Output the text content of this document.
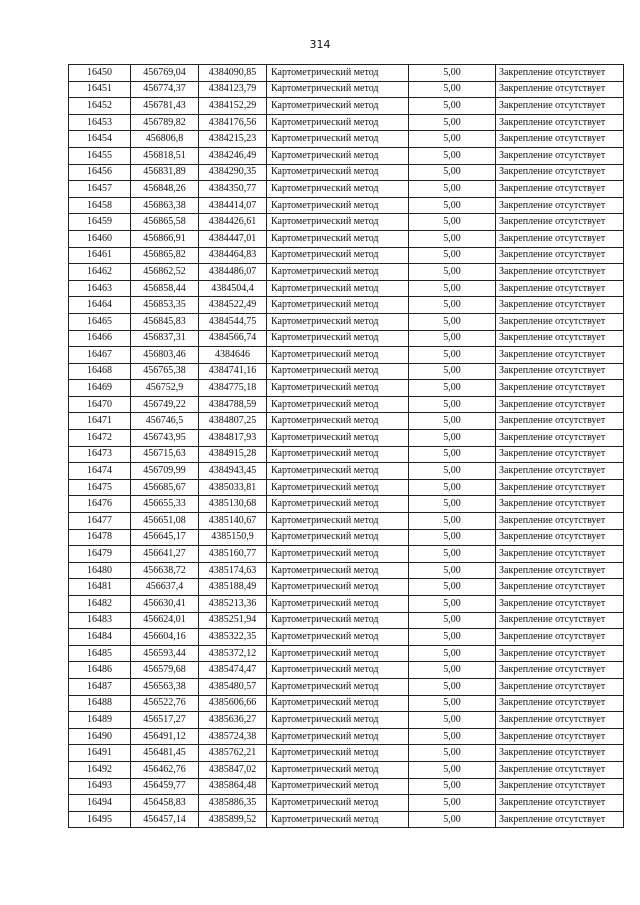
314
16450	456769,04	4384090,85	Картометрический метод	5,00	Закрепление отсутствует
16451	456774,37	4384123,79	Картометрический метод	5,00	Закрепление отсутствует
16452	456781,43	4384152,29	Картометрический метод	5,00	Закрепление отсутствует
16453	456789,82	4384176,56	Картометрический метод	5,00	Закрепление отсутствует
16454	456806,8	4384215,23	Картометрический метод	5,00	Закрепление отсутствует
16455	456818,51	4384246,49	Картометрический метод	5,00	Закрепление отсутствует
16456	456831,89	4384290,35	Картометрический метод	5,00	Закрепление отсутствует
16457	456848,26	4384350,77	Картометрический метод	5,00	Закрепление отсутствует
16458	456863,38	4384414,07	Картометрический метод	5,00	Закрепление отсутствует
16459	456865,58	4384426,61	Картометрический метод	5,00	Закрепление отсутствует
16460	456866,91	4384447,01	Картометрический метод	5,00	Закрепление отсутствует
16461	456865,82	4384464,83	Картометрический метод	5,00	Закрепление отсутствует
16462	456862,52	4384486,07	Картометрический метод	5,00	Закрепление отсутствует
16463	456858,44	4384504,4	Картометрический метод	5,00	Закрепление отсутствует
16464	456853,35	4384522,49	Картометрический метод	5,00	Закрепление отсутствует
16465	456845,83	4384544,75	Картометрический метод	5,00	Закрепление отсутствует
16466	456837,31	4384566,74	Картометрический метод	5,00	Закрепление отсутствует
16467	456803,46	4384646	Картометрический метод	5,00	Закрепление отсутствует
16468	456765,38	4384741,16	Картометрический метод	5,00	Закрепление отсутствует
16469	456752,9	4384775,18	Картометрический метод	5,00	Закрепление отсутствует
16470	456749,22	4384788,59	Картометрический метод	5,00	Закрепление отсутствует
16471	456746,5	4384807,25	Картометрический метод	5,00	Закрепление отсутствует
16472	456743,95	4384817,93	Картометрический метод	5,00	Закрепление отсутствует
16473	456715,63	4384915,28	Картометрический метод	5,00	Закрепление отсутствует
16474	456709,99	4384943,45	Картометрический метод	5,00	Закрепление отсутствует
16475	456685,67	4385033,81	Картометрический метод	5,00	Закрепление отсутствует
16476	456655,33	4385130,68	Картометрический метод	5,00	Закрепление отсутствует
16477	456651,08	4385140,67	Картометрический метод	5,00	Закрепление отсутствует
16478	456645,17	4385150,9	Картометрический метод	5,00	Закрепление отсутствует
16479	456641,27	4385160,77	Картометрический метод	5,00	Закрепление отсутствует
16480	456638,72	4385174,63	Картометрический метод	5,00	Закрепление отсутствует
16481	456637,4	4385188,49	Картометрический метод	5,00	Закрепление отсутствует
16482	456630,41	4385213,36	Картометрический метод	5,00	Закрепление отсутствует
16483	456624,01	4385251,94	Картометрический метод	5,00	Закрепление отсутствует
16484	456604,16	4385322,35	Картометрический метод	5,00	Закрепление отсутствует
16485	456593,44	4385372,12	Картометрический метод	5,00	Закрепление отсутствует
16486	456579,68	4385474,47	Картометрический метод	5,00	Закрепление отсутствует
16487	456563,38	4385480,57	Картометрический метод	5,00	Закрепление отсутствует
16488	456522,76	4385606,66	Картометрический метод	5,00	Закрепление отсутствует
16489	456517,27	4385636,27	Картометрический метод	5,00	Закрепление отсутствует
16490	456491,12	4385724,38	Картометрический метод	5,00	Закрепление отсутствует
16491	456481,45	4385762,21	Картометрический метод	5,00	Закрепление отсутствует
16492	456462,76	4385847,02	Картометрический метод	5,00	Закрепление отсутствует
16493	456459,77	4385864,48	Картометрический метод	5,00	Закрепление отсутствует
16494	456458,83	4385886,35	Картометрический метод	5,00	Закрепление отсутствует
16495	456457,14	4385899,52	Картометрический метод	5,00	Закрепление отсутствует
